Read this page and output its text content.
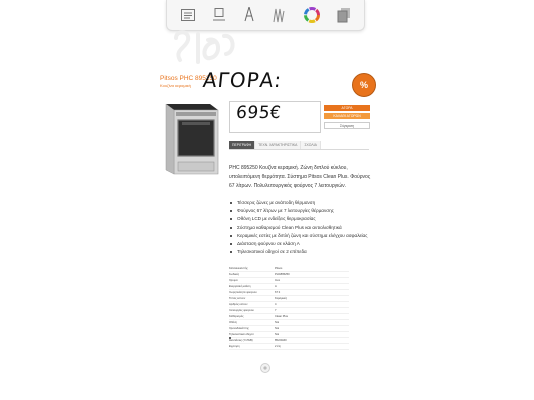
Pitsos PHC 895250
Κουζίνα κεραμική ΑΓΟΡΑ:	%
695€	ΑΓΟΡΑ
ΚΑΛΑΘΙ ΑΓΟΡΩΝ
Σύγκριση
ΠΕΡΙΓΡΑΦΗ	ΤΕΧΝ. ΧΑΡΑΚΤΗΡΙΣΤΙΚΑ	ΣΧΟΛΙΑ
PHC 895250 Κουζίνα κεραμική. Ζώνη διπλού κύκλου, υπολειπόμενη θερμότητα. Σύστημα Pitsos Clean Plus. Φούρνος 67 λίτρων. Πολυλειτουργικός φούρνος 7 λειτουργιών.
Τέσσερις ζώνες με ανάποδη θέρμανση
Φούρνος 67 λίτρων με 7 λειτουργίες θέρμανσης
Οθόνη LCD με ενδείξεις θερμοκρασίας
Σύστημα καθαρισμού Clean Plus και αντιολισθητικά
Κεραμικές εστίες με διπλή ζώνη και σύστημα ελέγχου ασφαλείας
Διάσταση φούρνου σε κλάση Α
Τηλεσκοπικοί οδηγοί σε 2 επίπεδα
Κατασκευαστής	Pitsos
Κωδικός	PHC895250
Χρώμα	Inox
Ενεργειακή κλάση	A
Χωρητικότητα φούρνου	67 lt
Τύπος εστιών	Κεραμικές
Αριθμός εστιών	4
Λειτουργίες φούρνου	7
Καθαρισμός	Clean Plus
Οθόνη	Ναι
Χρονοδιακόπτης	Ναι
Τηλεσκοπικοί οδηγοί	Ναι
Διαστάσεις (ΥxΠxΒ)	85x60x60
Εγγύηση	2 έτη
